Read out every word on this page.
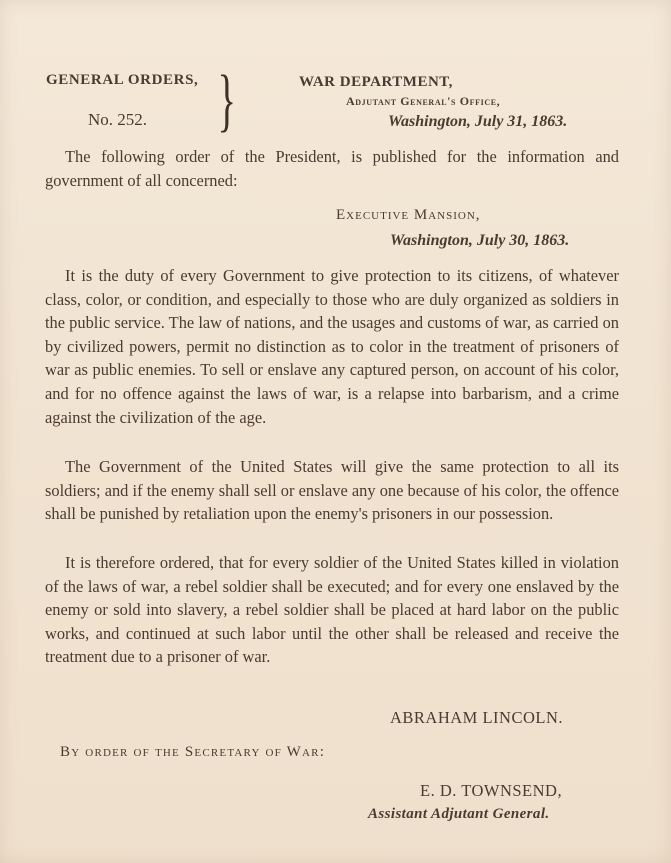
GENERAL ORDERS,
No. 252. }	WAR DEPARTMENT,
Adjutant General's Office,
Washington, July 31, 1863.

The following order of the President, is published for the information and government of all concerned:

Executive Mansion,
Washington, July 30, 1863.

It is the duty of every Government to give protection to its citizens, of whatever class, color, or condition, and especially to those who are duly organized as soldiers in the public service. The law of nations, and the usages and customs of war, as carried on by civilized powers, permit no distinction as to color in the treatment of prisoners of war as public enemies. To sell or enslave any captured person, on account of his color, and for no offence against the laws of war, is a relapse into barbarism, and a crime against the civilization of the age.

The Government of the United States will give the same protection to all its soldiers; and if the enemy shall sell or enslave any one because of his color, the offence shall be punished by retaliation upon the enemy's prisoners in our possession.

It is therefore ordered, that for every soldier of the United States killed in violation of the laws of war, a rebel soldier shall be executed; and for every one enslaved by the enemy or sold into slavery, a rebel soldier shall be placed at hard labor on the public works, and continued at such labor until the other shall be released and receive the treatment due to a prisoner of war.

ABRAHAM LINCOLN.
By order of the Secretary of War:
E. D. TOWNSEND,
Assistant Adjutant General.
